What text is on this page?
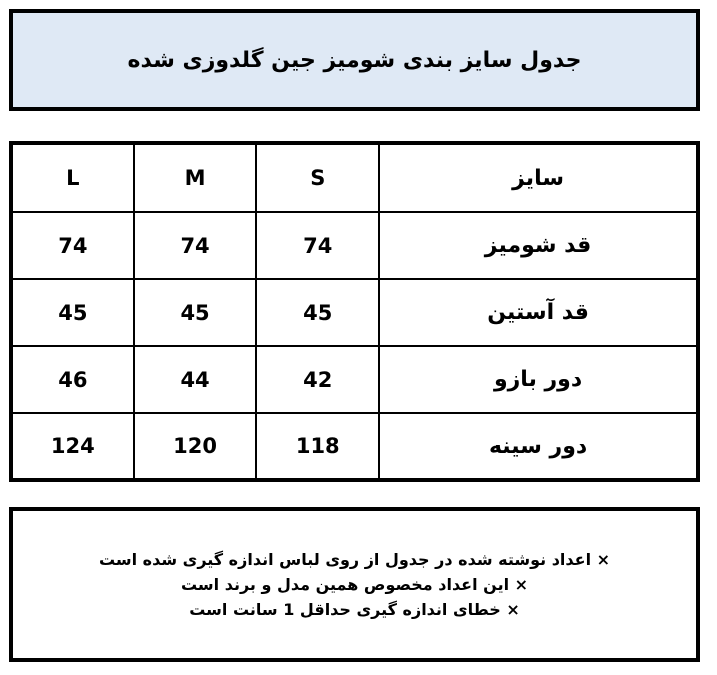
جدول سایز بندی شومیز جین گلدوزی شده
L	M	S	سایز
74	74	74	قد شومیز
45	45	45	قد آستین
46	44	42	دور بازو
124	120	118	دور سینه
× اعداد نوشته شده در جدول از روی لباس اندازه گیری شده است
× این اعداد مخصوص همین مدل و برند است
× خطای اندازه گیری حداقل 1 سانت است
